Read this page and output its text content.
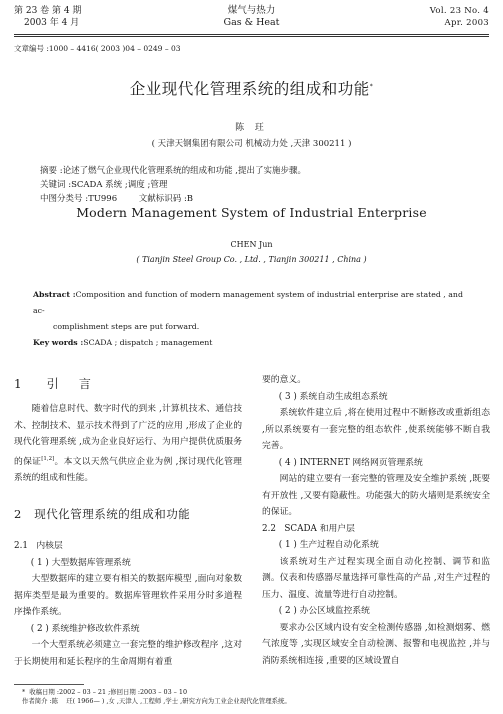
第 23 卷 第 4 期
2003 年 4 月
煤气与热力
Gas & Heat
Vol. 23 No. 4
Apr. 2003
文章编号 :1000 – 4416( 2003 )04 – 0249 – 03
企业现代化管理系统的组成和功能*
陈 玨
( 天津天钢集团有限公司 机械动力处 ,天津 300211 )
摘要 :论述了燃气企业现代化管理系统的组成和功能 ,提出了实施步骤。
关键词 :SCADA 系统 ;调度 ;管理
中图分类号 :TU996        文献标识码 :B
Modern Management System of Industrial Enterprise
CHEN Jun
( Tianjin Steel Group Co. , Ltd. , Tianjin 300211 , China )
Abstract :Composition and function of modern management system of industrial enterprise are stated , and ac-
complishment steps are put forward.
Key words :SCADA ; dispatch ; management
1 引    言

随着信息时代、数字时代的到来 ,计算机技术、通信技术、控制技术、显示技术得到了广泛的应用 ,形成了企业的现代化管理系统 ,成为企业良好运行、为用户提供优质服务的保证[1,2]。本文以天然气供应企业为例 ,探讨现代化管理系统的组成和性能。

2   现代化管理系统的组成和功能

2.1   内核层

( 1 ) 大型数据库管理系统

大型数据库的建立要有相关的数据库模型 ,面向对象数据库类型是最为重要的。数据库管理软件采用分时多道程序操作系统。

( 2 ) 系统维护修改软件系统

一个大型系统必须建立一套完整的维护修改程序 ,这对于长期使用和延长程序的生命周期有着重

要的意义。

( 3 ) 系统自动生成组态系统

系统软件建立后 ,将在使用过程中不断修改或重新组态 ,所以系统要有一套完整的组态软件 ,使系统能够不断自我完善。

( 4 ) INTERNET 网络网页管理系统

网站的建立要有一套完整的管理及安全维护系统 ,既要有开放性 ,又要有隐蔽性。功能强大的防火墙则是系统安全的保证。

2.2   SCADA 和用户层

( 1 ) 生产过程自动化系统

该系统对生产过程实现全面自动化控制、调节和监测。仪表和传感器尽量选择可靠性高的产品 ,对生产过程的压力、温度、流量等进行自动控制。

( 2 ) 办公区域监控系统

要求办公区域内设有安全检测传感器 ,如检测烟雾、燃气浓度等 ,实现区域安全自动检测、报警和电视监控 ,并与消防系统相连接 ,重要的区域设置自

*  收稿日期 :2002 – 03 – 21 ;修回日期 :2003 – 03 – 10
作者简介 :陈    玨( 1966— ) ,女 ,天津人 ,工程师 ,学士 ,研究方向为工业企业现代化管理系统。
